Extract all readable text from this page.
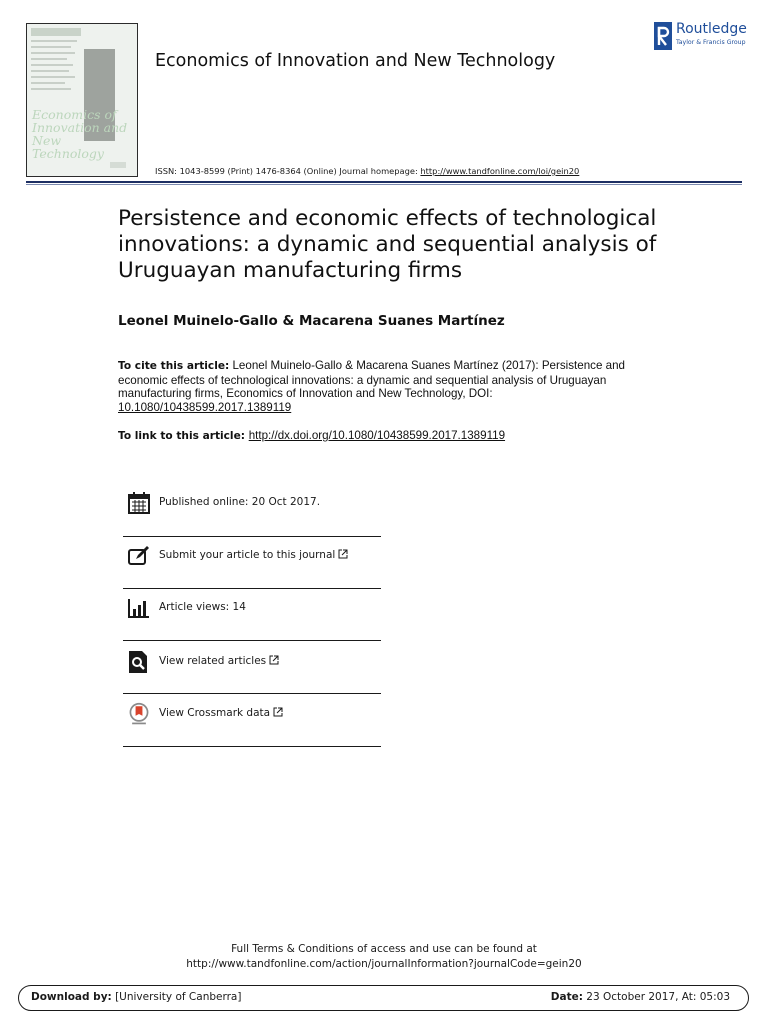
Economics of Innovation and New Technology
Economics of Innovation and New Technology
ISSN: 1043-8599 (Print) 1476-8364 (Online) Journal homepage: http://www.tandfonline.com/loi/gein20
Routledge
Taylor & Francis Group
Persistence and economic effects of technological innovations: a dynamic and sequential analysis of Uruguayan manufacturing firms
Leonel Muinelo-Gallo & Macarena Suanes Martínez
To cite this article: Leonel Muinelo-Gallo & Macarena Suanes Martínez (2017): Persistence and economic effects of technological innovations: a dynamic and sequential analysis of Uruguayan manufacturing firms, Economics of Innovation and New Technology, DOI: 10.1080/10438599.2017.1389119
To link to this article: http://dx.doi.org/10.1080/10438599.2017.1389119
Published online: 20 Oct 2017.
Submit your article to this journal
Article views: 14
View related articles
View Crossmark data
Full Terms & Conditions of access and use can be found at
http://www.tandfonline.com/action/journalInformation?journalCode=gein20
Download by: [University of Canberra]	Date: 23 October 2017, At: 05:03
